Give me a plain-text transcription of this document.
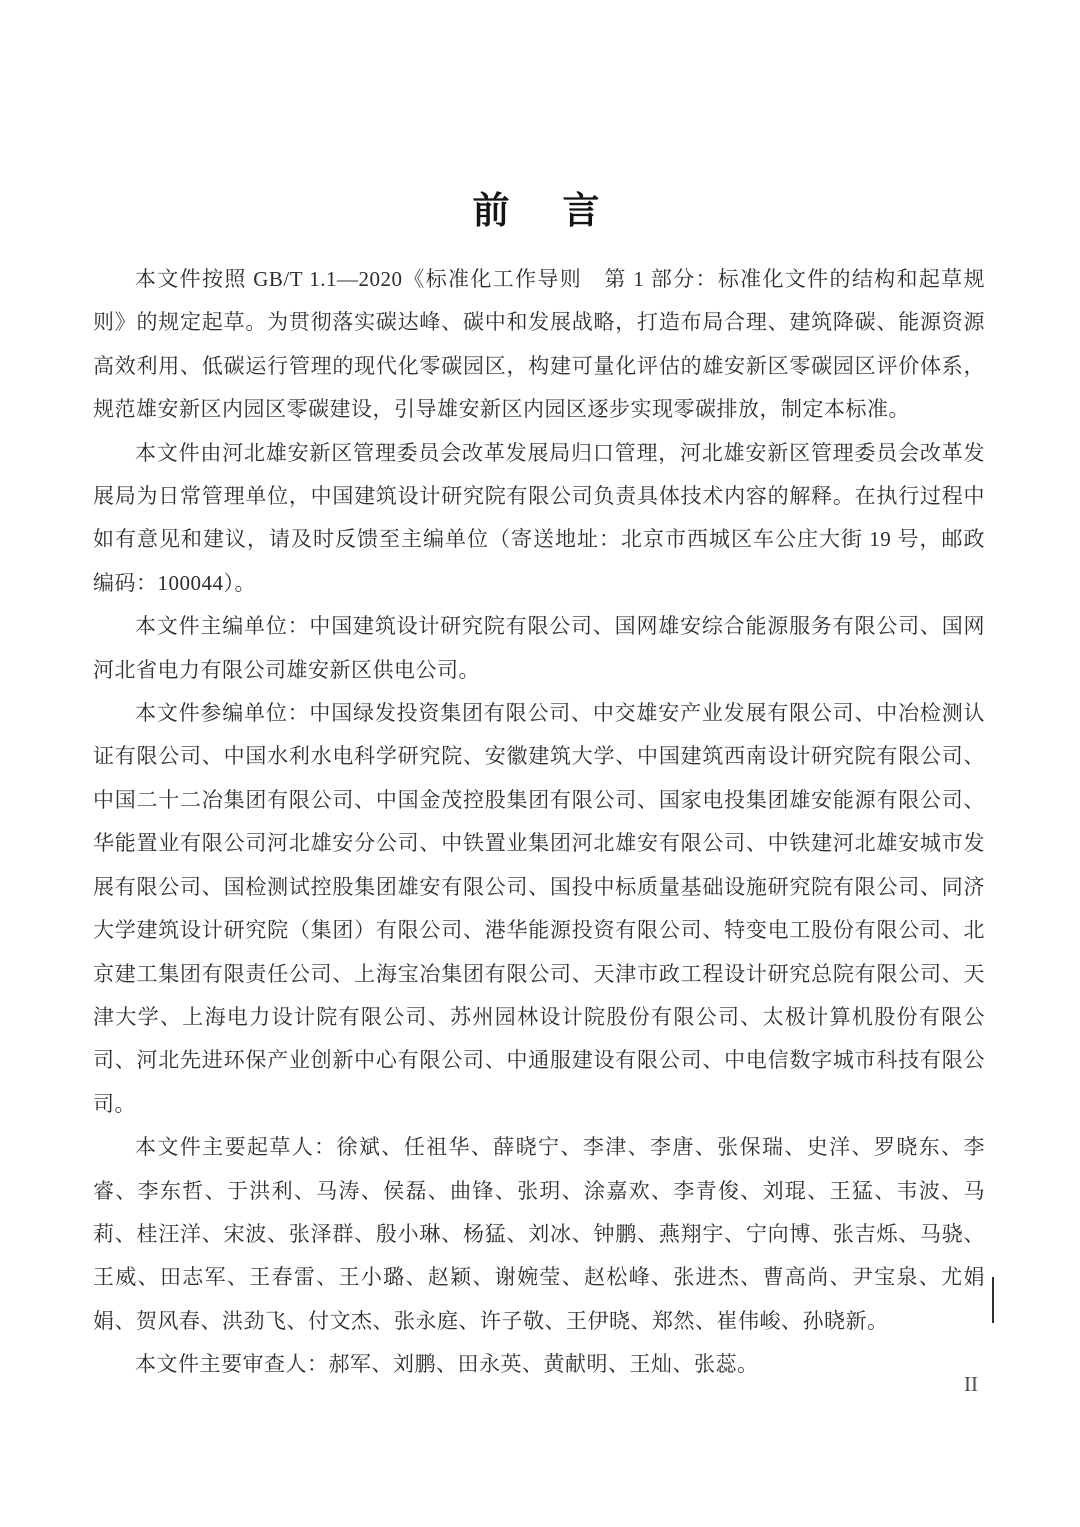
前　言

本文件按照 GB/T 1.1—2020《标准化工作导则　第 1 部分：标准化文件的结构和起草规则》的规定起草。为贯彻落实碳达峰、碳中和发展战略，打造布局合理、建筑降碳、能源资源高效利用、低碳运行管理的现代化零碳园区，构建可量化评估的雄安新区零碳园区评价体系，规范雄安新区内园区零碳建设，引导雄安新区内园区逐步实现零碳排放，制定本标准。

本文件由河北雄安新区管理委员会改革发展局归口管理，河北雄安新区管理委员会改革发展局为日常管理单位，中国建筑设计研究院有限公司负责具体技术内容的解释。在执行过程中如有意见和建议，请及时反馈至主编单位（寄送地址：北京市西城区车公庄大街 19 号，邮政编码：100044）。

本文件主编单位：中国建筑设计研究院有限公司、国网雄安综合能源服务有限公司、国网河北省电力有限公司雄安新区供电公司。

本文件参编单位：中国绿发投资集团有限公司、中交雄安产业发展有限公司、中冶检测认证有限公司、中国水利水电科学研究院、安徽建筑大学、中国建筑西南设计研究院有限公司、中国二十二冶集团有限公司、中国金茂控股集团有限公司、国家电投集团雄安能源有限公司、华能置业有限公司河北雄安分公司、中铁置业集团河北雄安有限公司、中铁建河北雄安城市发展有限公司、国检测试控股集团雄安有限公司、国投中标质量基础设施研究院有限公司、同济大学建筑设计研究院（集团）有限公司、港华能源投资有限公司、特变电工股份有限公司、北京建工集团有限责任公司、上海宝冶集团有限公司、天津市政工程设计研究总院有限公司、天津大学、上海电力设计院有限公司、苏州园林设计院股份有限公司、太极计算机股份有限公司、河北先进环保产业创新中心有限公司、中通服建设有限公司、中电信数字城市科技有限公司。

本文件主要起草人：徐斌、任祖华、薛晓宁、李津、李唐、张保瑞、史洋、罗晓东、李睿、李东哲、于洪利、马涛、侯磊、曲锋、张玥、涂嘉欢、李青俊、刘琨、王猛、韦波、马莉、桂汪洋、宋波、张泽群、殷小琳、杨猛、刘冰、钟鹏、燕翔宇、宁向博、张吉烁、马骁、王威、田志军、王春雷、王小璐、赵颖、谢婉莹、赵松峰、张进杰、曹高尚、尹宝泉、尤娟娟、贺风春、洪劲飞、付文杰、张永庭、许子敬、王伊晓、郑然、崔伟峻、孙晓新。

本文件主要审查人：郝军、刘鹏、田永英、黄献明、王灿、张蕊。

II
